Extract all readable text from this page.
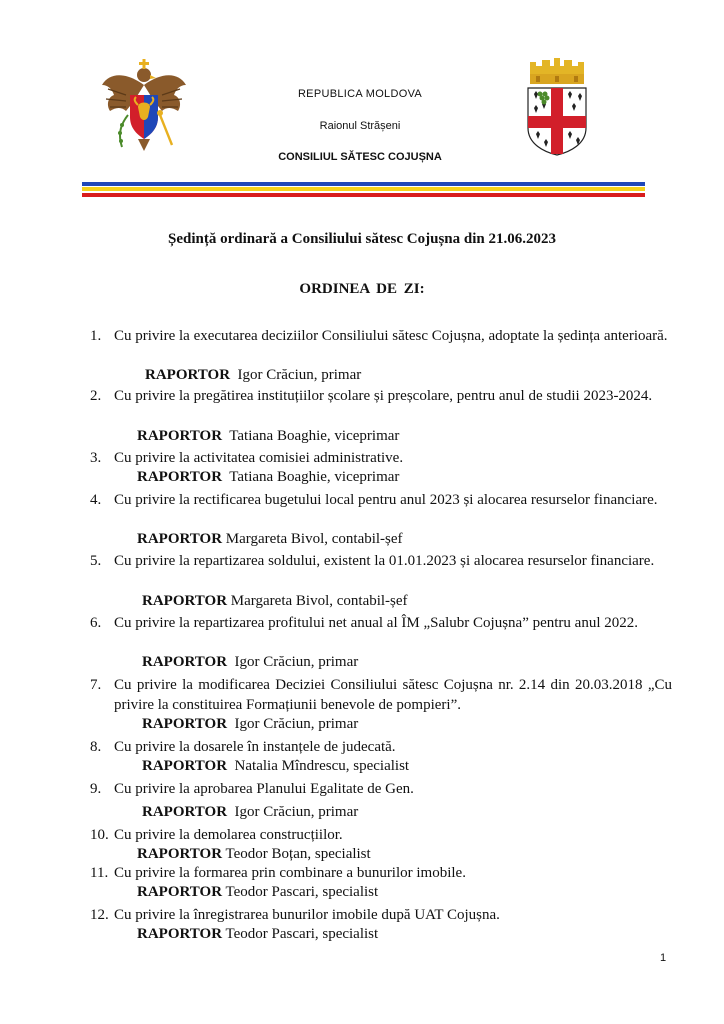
REPUBLICA MOLDOVA
Raionul Strășeni
CONSILIUL SĂTESC COJUȘNA
Ședință ordinară a Consiliului sătesc Cojușna din 21.06.2023
ORDINEA DE ZI:
1. Cu privire la executarea deciziilor Consiliului sătesc Cojușna, adoptate la ședința anterioară.
RAPORTOR  Igor Crăciun, primar
2. Cu privire la pregătirea instituțiilor școlare și preșcolare, pentru anul de studii 2023-2024.
RAPORTOR  Tatiana Boaghie, viceprimar
3. Cu privire la activitatea comisiei administrative.
RAPORTOR  Tatiana Boaghie, viceprimar
4. Cu privire la rectificarea bugetului local pentru anul 2023 și alocarea resurselor financiare.
RAPORTOR Margareta Bivol, contabil-șef
5. Cu privire la repartizarea soldului, existent la 01.01.2023 și alocarea resurselor financiare.
RAPORTOR Margareta Bivol, contabil-șef
6. Cu privire la repartizarea profitului net anual al ÎM „Salubr Cojușna” pentru anul 2022.
RAPORTOR  Igor Crăciun, primar
7. Cu privire la modificarea Deciziei Consiliului sătesc Cojușna nr. 2.14 din 20.03.2018 „Cu privire la constituirea Formațiunii benevole de pompieri”.
RAPORTOR  Igor Crăciun, primar
8. Cu privire la dosarele în instanțele de judecată.
RAPORTOR  Natalia Mîndrescu, specialist
9. Cu privire la aprobarea Planului Egalitate de Gen.
RAPORTOR  Igor Crăciun, primar
10. Cu privire la demolarea construcțiilor.
RAPORTOR Teodor Boțan, specialist
11. Cu privire la formarea prin combinare a bunurilor imobile.
RAPORTOR Teodor Pascari, specialist
12. Cu privire la înregistrarea bunurilor imobile după UAT Cojușna.
RAPORTOR Teodor Pascari, specialist
1
